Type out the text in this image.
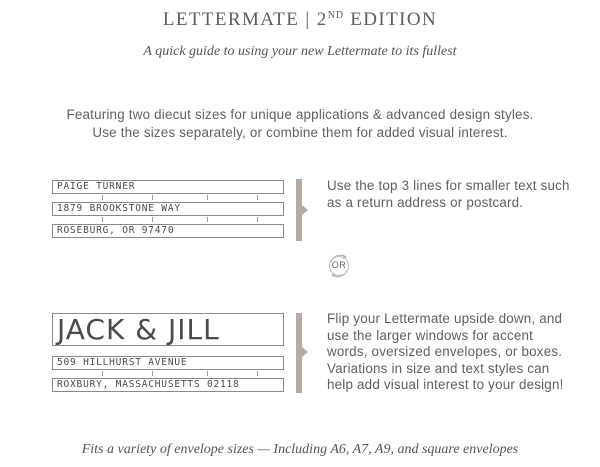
LETTERMATE | 2ND EDITION
A quick guide to using your new Lettermate to its fullest
Featuring two diecut sizes for unique applications & advanced design styles.
Use the sizes separately, or combine them for added visual interest.
PAIGE TURNER
1879 BROOKSTONE WAY
ROSEBURG, OR 97470
Use the top 3 lines for smaller text such as a return address or postcard.
OR
JACK & JILL
509 HILLHURST AVENUE
ROXBURY, MASSACHUSETTS 02118
Flip your Lettermate upside down, and use the larger windows for accent words, oversized envelopes, or boxes. Variations in size and text styles can help add visual interest to your design!
Fits a variety of envelope sizes — Including A6, A7, A9, and square envelopes
